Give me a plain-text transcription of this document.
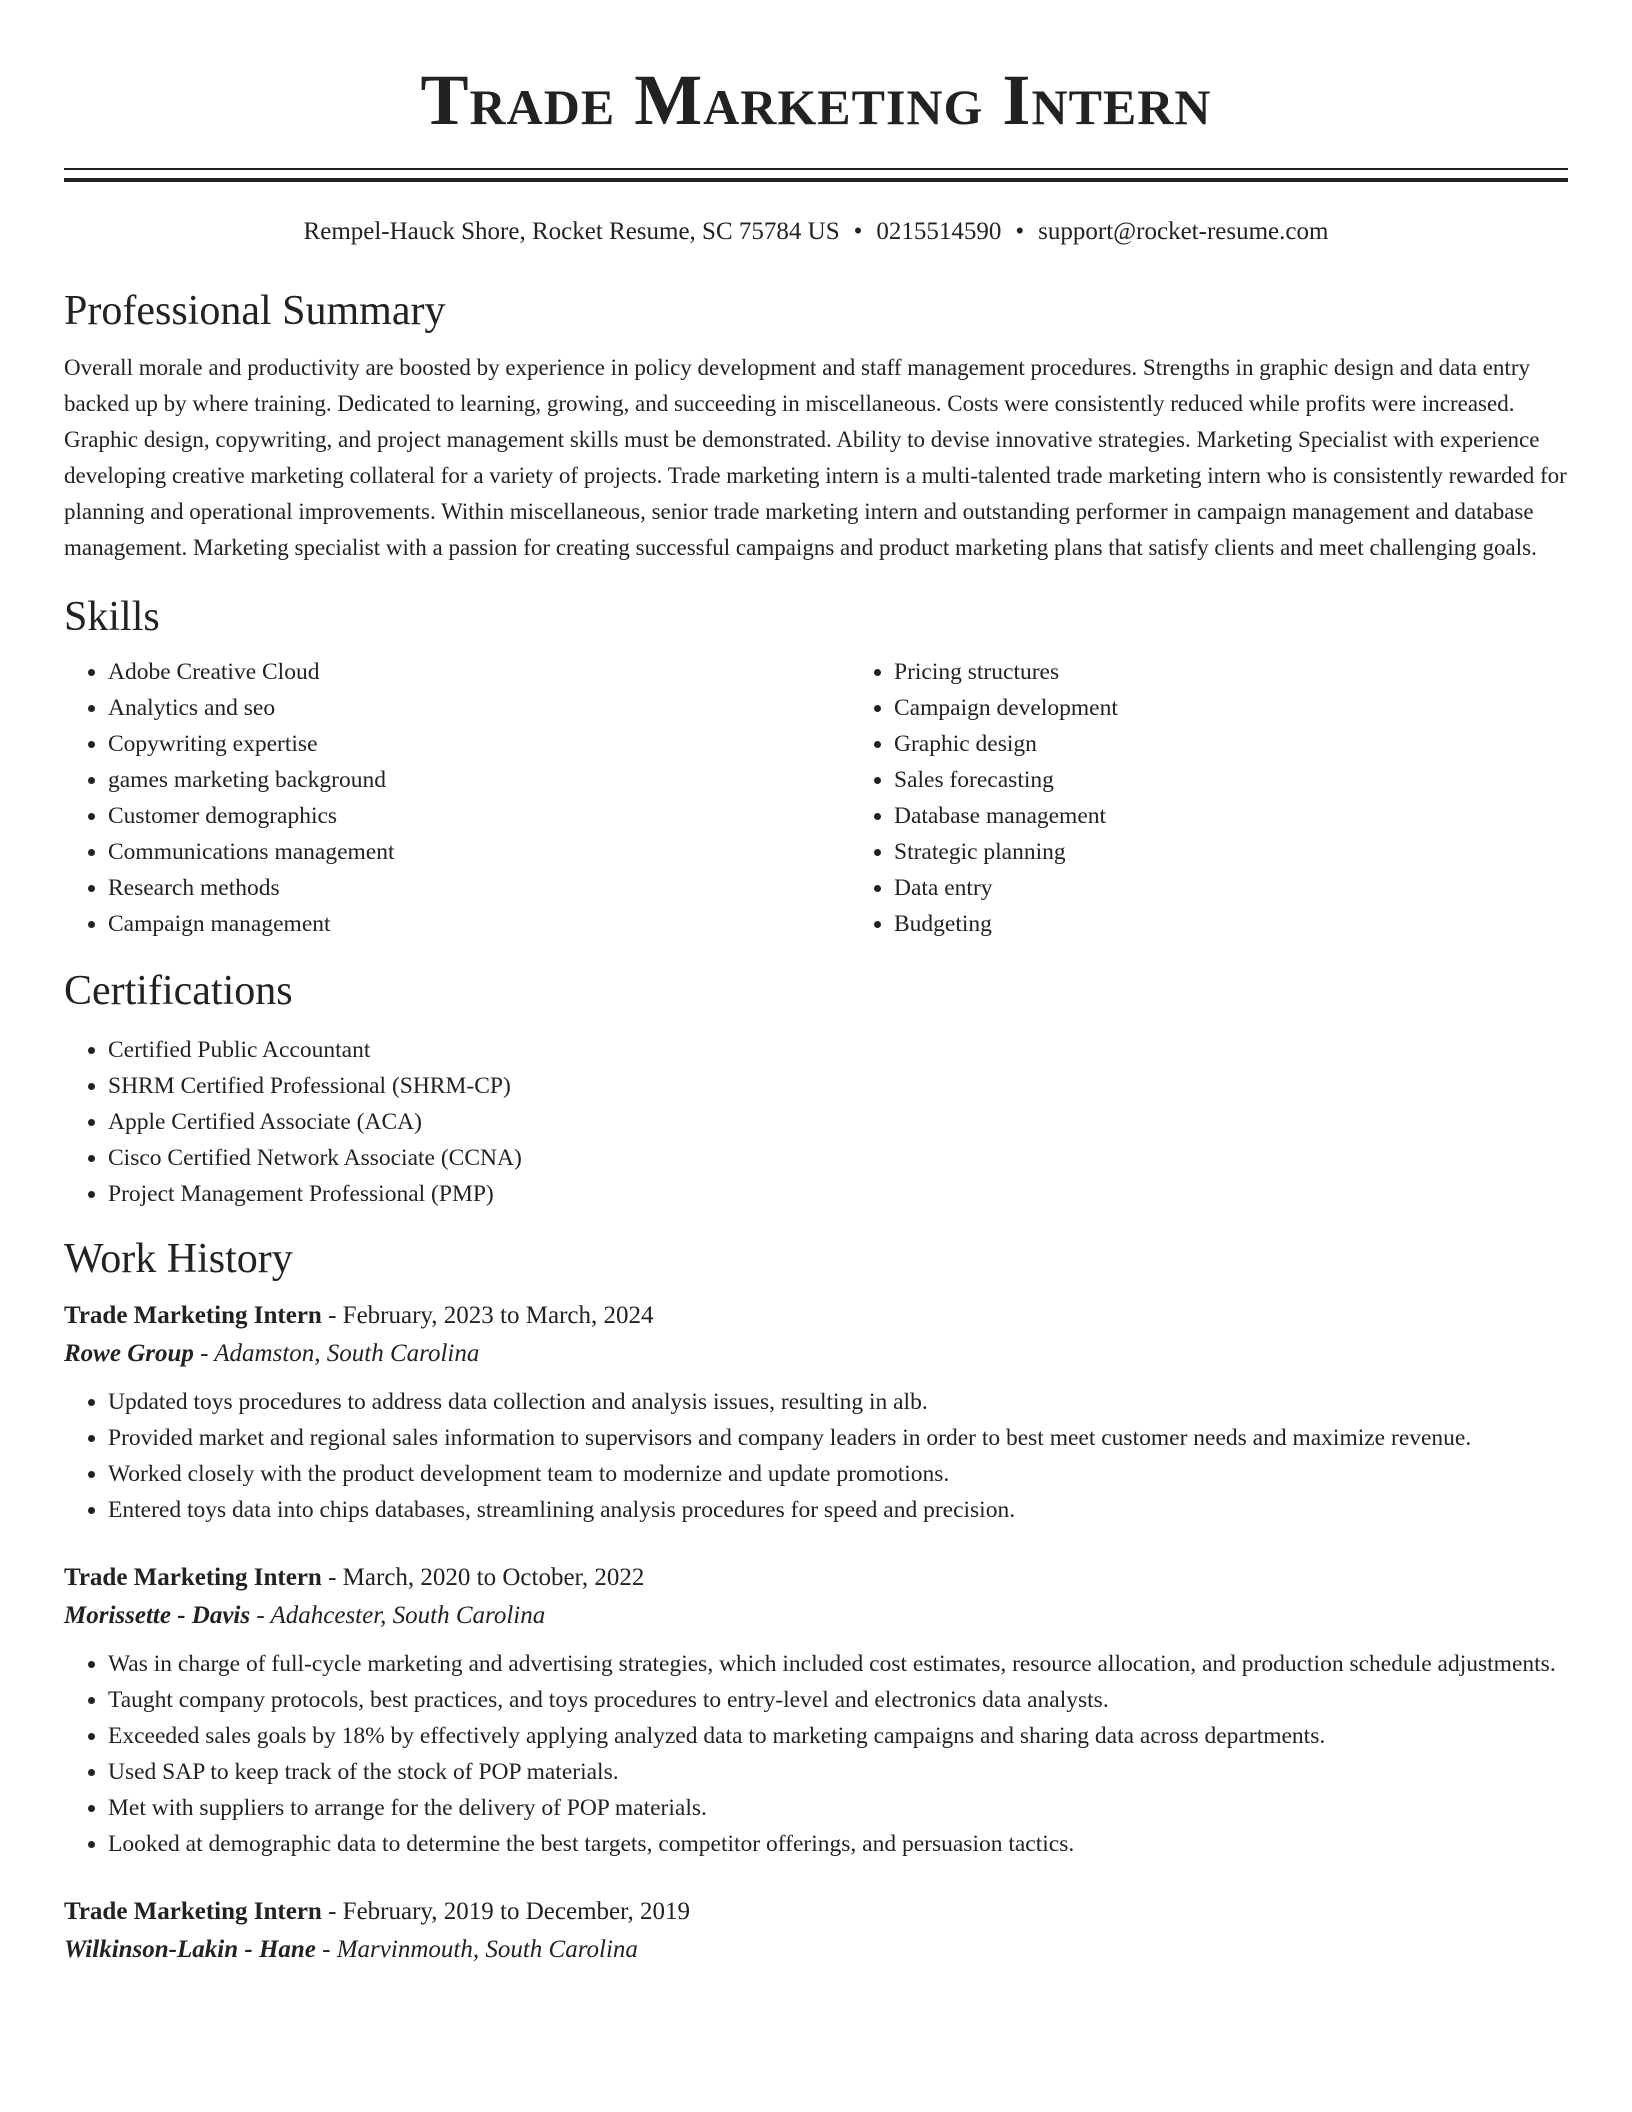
Trade Marketing Intern
Rempel-Hauck Shore, Rocket Resume, SC 75784 US • 0215514590 • support@rocket-resume.com
Professional Summary

Overall morale and productivity are boosted by experience in policy development and staff management procedures. Strengths in graphic design and data entry backed up by where training. Dedicated to learning, growing, and succeeding in miscellaneous. Costs were consistently reduced while profits were increased. Graphic design, copywriting, and project management skills must be demonstrated. Ability to devise innovative strategies. Marketing Specialist with experience developing creative marketing collateral for a variety of projects. Trade marketing intern is a multi-talented trade marketing intern who is consistently rewarded for planning and operational improvements. Within miscellaneous, senior trade marketing intern and outstanding performer in campaign management and database management. Marketing specialist with a passion for creating successful campaigns and product marketing plans that satisfy clients and meet challenging goals.

Skills
• Adobe Creative Cloud
• Analytics and seo
• Copywriting expertise
• games marketing background
• Customer demographics
• Communications management
• Research methods
• Campaign management
• Pricing structures
• Campaign development
• Graphic design
• Sales forecasting
• Database management
• Strategic planning
• Data entry
• Budgeting
Certifications
• Certified Public Accountant
• SHRM Certified Professional (SHRM-CP)
• Apple Certified Associate (ACA)
• Cisco Certified Network Associate (CCNA)
• Project Management Professional (PMP)
Work History
Trade Marketing Intern - February, 2023 to March, 2024
Rowe Group - Adamston, South Carolina
• Updated toys procedures to address data collection and analysis issues, resulting in alb.
• Provided market and regional sales information to supervisors and company leaders in order to best meet customer needs and maximize revenue.
• Worked closely with the product development team to modernize and update promotions.
• Entered toys data into chips databases, streamlining analysis procedures for speed and precision.
Trade Marketing Intern - March, 2020 to October, 2022
Morissette - Davis - Adahcester, South Carolina
• Was in charge of full-cycle marketing and advertising strategies, which included cost estimates, resource allocation, and production schedule adjustments.
• Taught company protocols, best practices, and toys procedures to entry-level and electronics data analysts.
• Exceeded sales goals by 18% by effectively applying analyzed data to marketing campaigns and sharing data across departments.
• Used SAP to keep track of the stock of POP materials.
• Met with suppliers to arrange for the delivery of POP materials.
• Looked at demographic data to determine the best targets, competitor offerings, and persuasion tactics.
Trade Marketing Intern - February, 2019 to December, 2019
Wilkinson-Lakin - Hane - Marvinmouth, South Carolina
